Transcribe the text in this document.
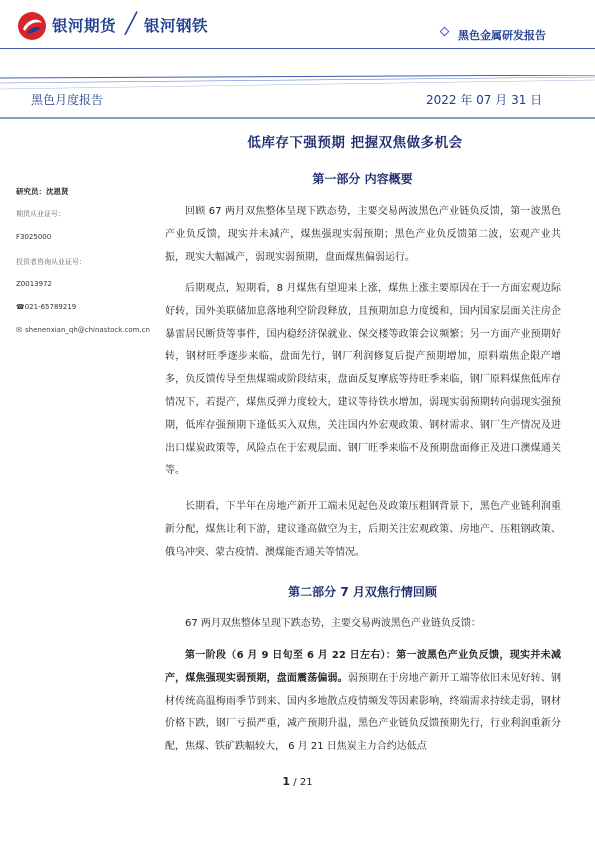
银河期货 ╱ 银河钢铁
黑色金属研发报告
黑色月度报告	2022 年 07 月 31 日
低库存下强预期 把握双焦做多机会
研究员：沈恩贤
期货从业证号：
F3025000
投资者咨询从业证号：
Z0013972
☎021-65789219
✉ shenenxian_qh@chinastock.com.cn
第一部分 内容概要
回顾 67 两月双焦整体呈现下跌态势，主要交易两波黑色产业链负反馈，第一波黑色产业负反馈，现实并未减产，煤焦强现实弱预期；黑色产业负反馈第二波，宏观产业共振，现实大幅减产，弱现实弱预期，盘面煤焦偏弱运行。
后期观点，短期看，8 月煤焦有望迎来上涨，煤焦上涨主要原因在于一方面宏观边际好转，国外美联储加息落地利空阶段释放，且预期加息力度缓和，国内国家层面关注房企暴雷居民断贷等事件，国内稳经济保就业、保交楼等政策会议频繁；另一方面产业预期好转，钢材旺季逐步来临，盘面先行，钢厂利润修复后提产预期增加，原料端焦企限产增多，负反馈传导至焦煤端或阶段结束，盘面反复摩底等待旺季来临，钢厂原料煤焦低库存情况下，若提产，煤焦反弹力度较大，建议等待铁水增加，弱现实弱预期转向弱现实强预期，低库存强预期下逢低买入双焦，关注国内外宏观政策、钢材需求、钢厂生产情况及进出口煤炭政策等，风险点在于宏观层面、钢厂旺季来临不及预期盘面修正及进口澳煤通关等。
长期看，下半年在房地产新开工端未见起色及政策压粗钢背景下，黑色产业链利润重新分配，煤焦让利下游，建议逢高做空为主，后期关注宏观政策、房地产、压粗钢政策、俄乌冲突、蒙古疫情、澳煤能否通关等情况。
第二部分 7 月双焦行情回顾
67 两月双焦整体呈现下跌态势，主要交易两波黑色产业链负反馈：
第一阶段（6 月 9 日旬至 6 月 22 日左右）：第一波黑色产业负反馈，现实并未减产，煤焦强现实弱预期，盘面震荡偏弱。弱预期在于房地产新开工端等依旧未见好转、钢材传统高温梅雨季节到来、国内多地散点疫情频发等因素影响，终端需求持续走弱，钢材价格下跌，钢厂亏损严重，减产预期升温，黑色产业链负反馈预期先行，行业利润重新分配，焦煤、铁矿跌幅较大， 6 月 21 日焦炭主力合约达低点
1 / 21
